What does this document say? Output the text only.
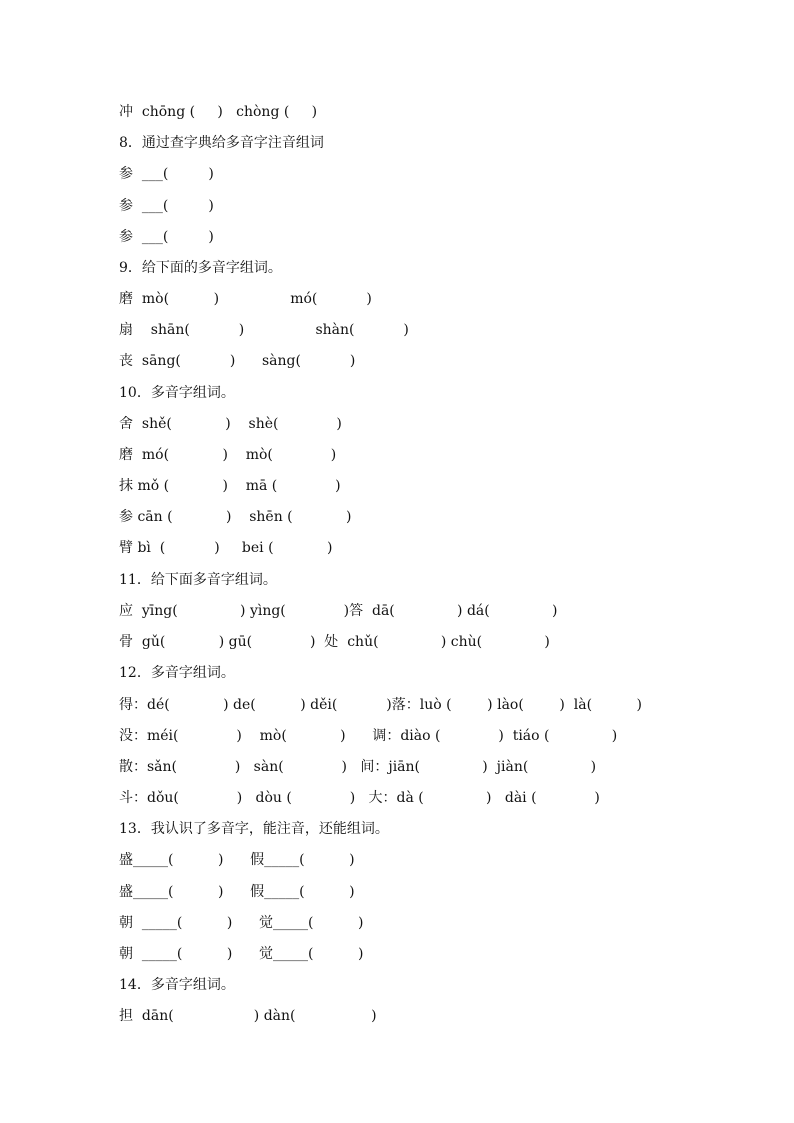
冲  chōng (     )   chòng (     )
8．通过查字典给多音字注音组词
参  ___(         )
参  ___(         )
参  ___(         )
9．给下面的多音字组词。
磨  mò(          )                mó(           )
扇    shān(           )                shàn(           )
丧  sāng(           )      sàng(           )
10．多音字组词。
舍  shě(            )    shè(             )
磨  mó(            )    mò(             )
抹 mǒ (            )    mā (             )
参 cān (            )    shēn (            )
臂 bì  (           )     bei (            )
11．给下面多音字组词。
应  yīng(              ) yìng(             )答  dā(              ) dá(              )
骨  gǔ(            ) gū(             )  处  chǔ(              ) chù(              )
12．多音字组词。
得：dé(            ) de(          ) děi(           )落：luò (        ) lào(        )  là(          )
没：méi(             )    mò(            )      调：diào (             )  tiáo (              )
散：sǎn(             )   sàn(             )   间：jiān(              )  jiàn(              )
斗：dǒu(             )   dòu (             )   大：dà (              )   dài (             )
13．我认识了多音字，能注音，还能组词。
盛_____(          )      假_____(          )
盛_____(          )      假_____(          )
朝  _____(          )      觉_____(          )
朝  _____(          )      觉_____(          )
14．多音字组词。
担  dān(                  ) dàn(                 )
